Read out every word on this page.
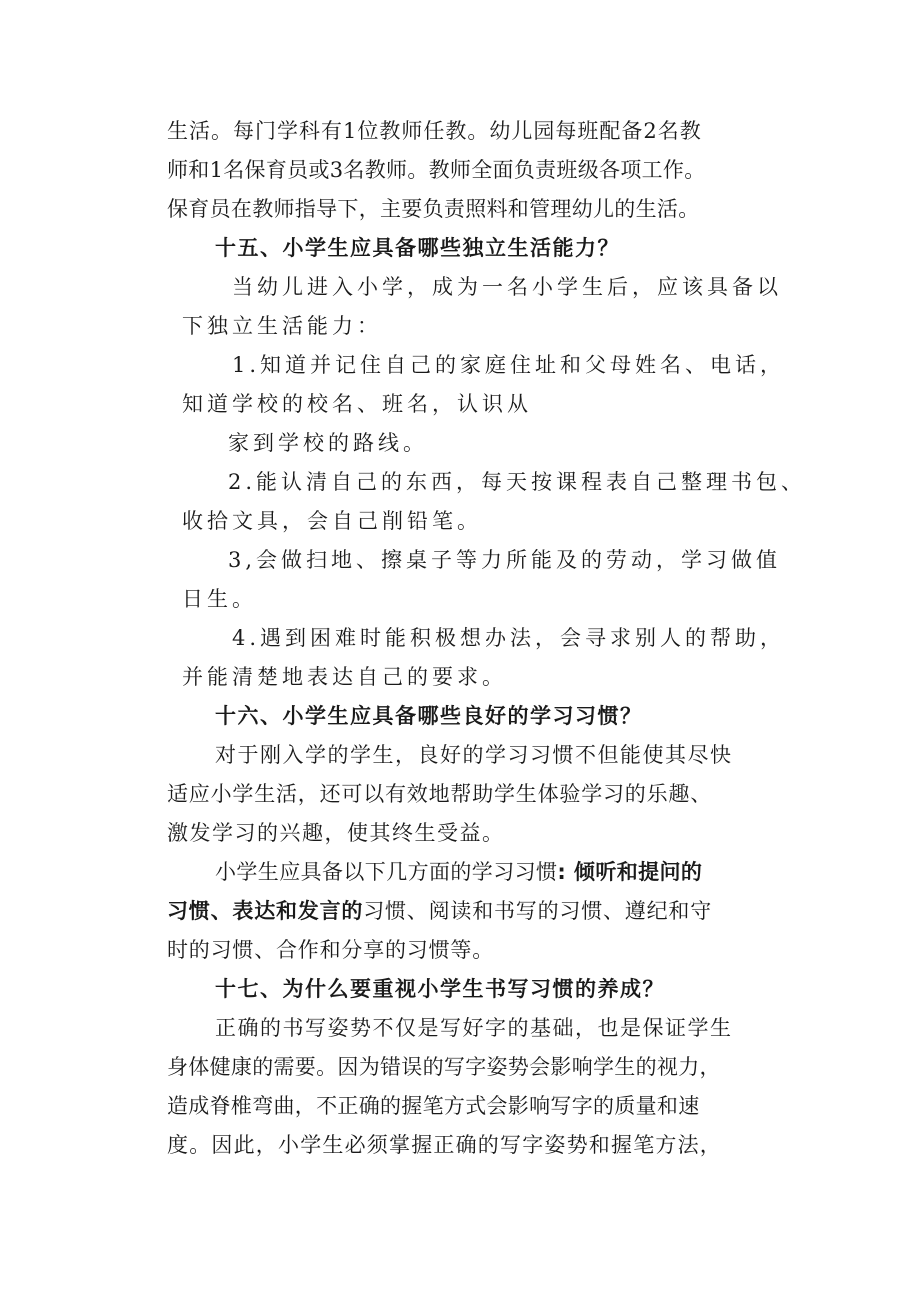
生活。每门学科有1位教师任教。幼儿园每班配备2名教
师和1名保育员或3名教师。教师全面负责班级各项工作。
保育员在教师指导下，主要负责照料和管理幼儿的生活。
十五、小学生应具备哪些独立生活能力？
当幼儿进入小学，成为一名小学生后，应该具备以
下独立生活能力：
1.知道并记住自己的家庭住址和父母姓名、电话，
知道学校的校名、班名，认识从
家到学校的路线。
2.能认清自己的东西，每天按课程表自己整理书包、
收拾文具，会自己削铅笔。
3,会做扫地、擦桌子等力所能及的劳动，学习做值
日生。
4.遇到困难时能积极想办法，会寻求别人的帮助，
并能清楚地表达自己的要求。
十六、小学生应具备哪些良好的学习习惯？
对于刚入学的学生，良好的学习习惯不但能使其尽快
适应小学生活，还可以有效地帮助学生体验学习的乐趣、
激发学习的兴趣，使其终生受益。
小学生应具备以下几方面的学习习惯: 倾听和提问的
习惯、表达和发言的习惯、阅读和书写的习惯、遵纪和守
时的习惯、合作和分享的习惯等。
十七、为什么要重视小学生书写习惯的养成？
正确的书写姿势不仅是写好字的基础，也是保证学生
身体健康的需要。因为错误的写字姿势会影响学生的视力，
造成脊椎弯曲，不正确的握笔方式会影响写字的质量和速
度。因此，小学生必须掌握正确的写字姿势和握笔方法，
